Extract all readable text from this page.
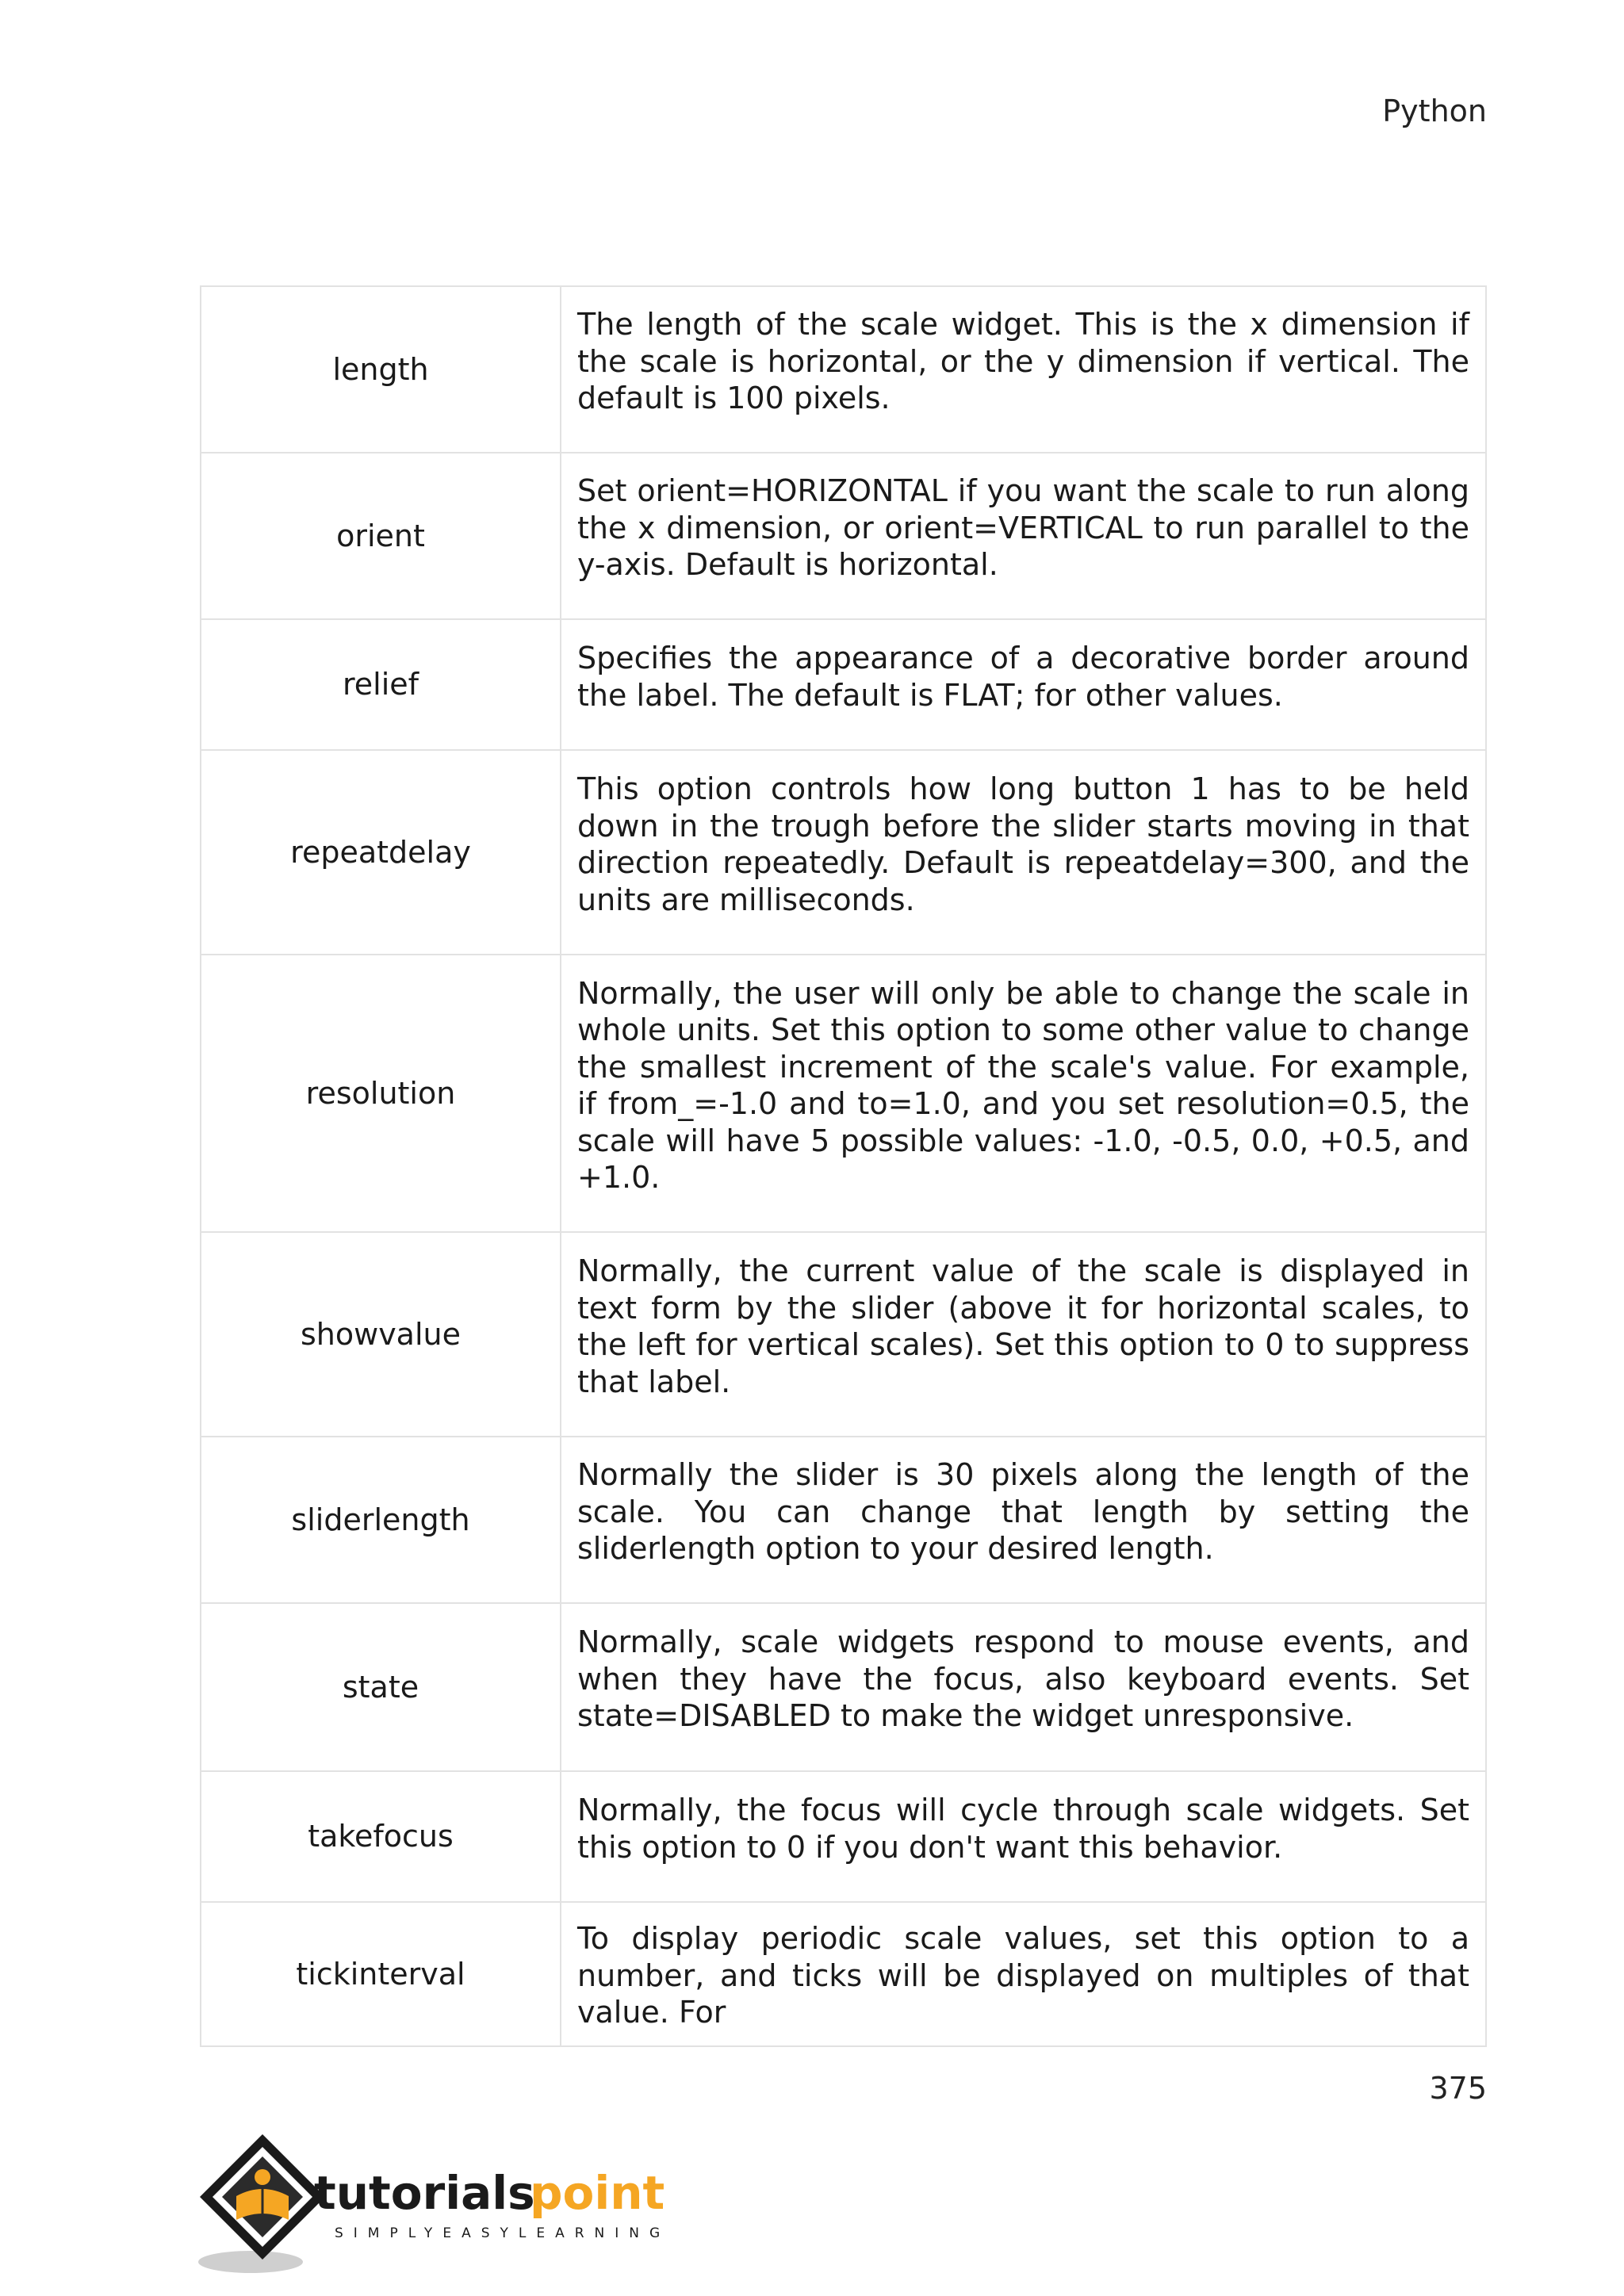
Python
length	The length of the scale widget. This is the x dimension if the scale is horizontal, or the y dimension if vertical. The default is 100 pixels.
orient	Set orient=HORIZONTAL if you want the scale to run along the x dimension, or orient=VERTICAL to run parallel to the y-axis. Default is horizontal.
relief	Specifies the appearance of a decorative border around the label. The default is FLAT; for other values.
repeatdelay	This option controls how long button 1 has to be held down in the trough before the slider starts moving in that direction repeatedly. Default is repeatdelay=300, and the units are milliseconds.
resolution	Normally, the user will only be able to change the scale in whole units. Set this option to some other value to change the smallest increment of the scale's value. For example, if from_=-1.0 and to=1.0, and you set resolution=0.5, the scale will have 5 possible values: -1.0, -0.5, 0.0, +0.5, and +1.0.
showvalue	Normally, the current value of the scale is displayed in text form by the slider (above it for horizontal scales, to the left for vertical scales). Set this option to 0 to suppress that label.
sliderlength	Normally the slider is 30 pixels along the length of the scale. You can change that length by setting the sliderlength option to your desired length.
state	Normally, scale widgets respond to mouse events, and when they have the focus, also keyboard events. Set state=DISABLED to make the widget unresponsive.
takefocus	Normally, the focus will cycle through scale widgets. Set this option to 0 if you don't want this behavior.
tickinterval	To display periodic scale values, set this option to a number, and ticks will be displayed on multiples of that value. For
375
tutorials
point
SIMPLYEASYLEARNING
